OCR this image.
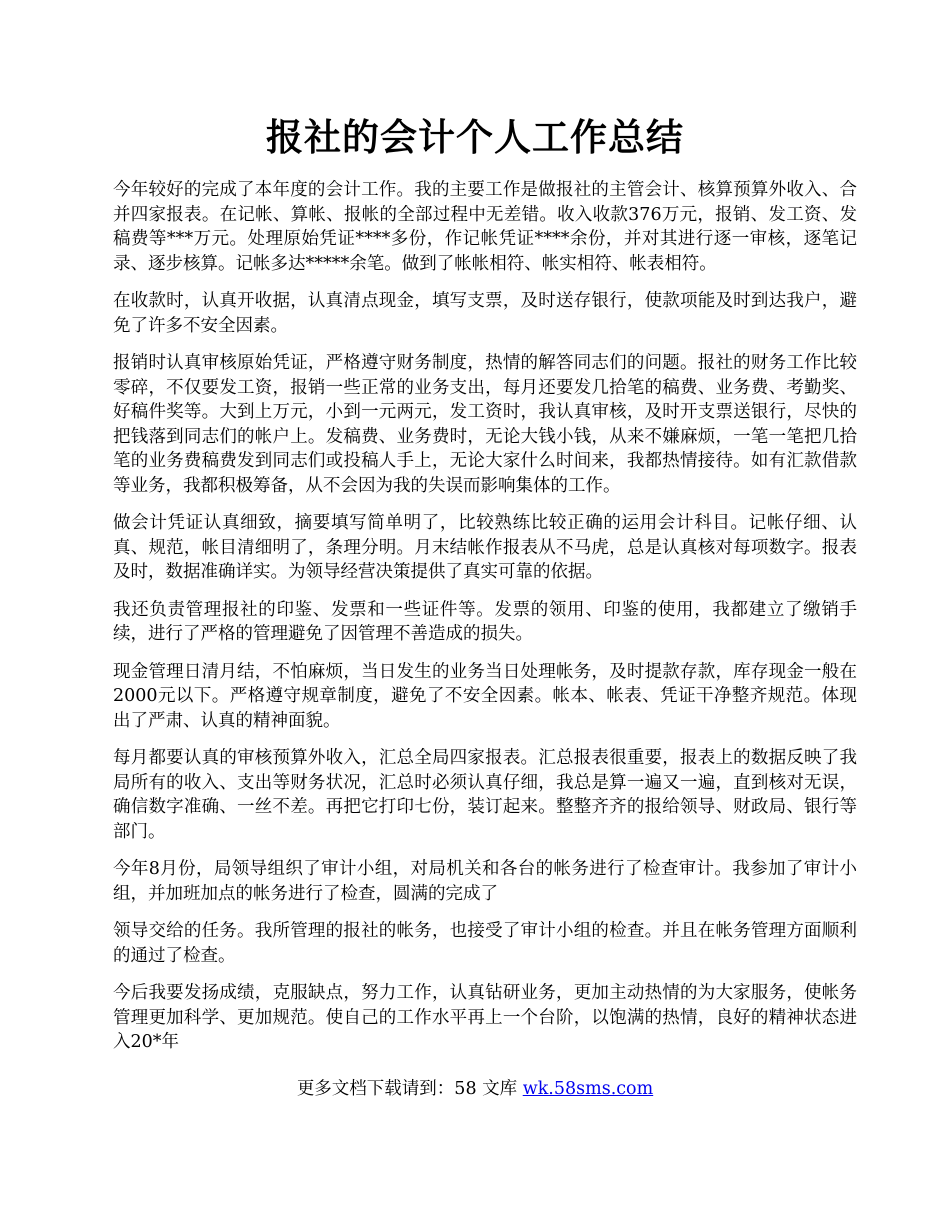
报社的会计个人工作总结

今年较好的完成了本年度的会计工作。我的主要工作是做报社的主管会计、核算预算外收入、合并四家报表。在记帐、算帐、报帐的全部过程中无差错。收入收款376万元，报销、发工资、发稿费等***万元。处理原始凭证****多份，作记帐凭证****余份，并对其进行逐一审核，逐笔记录、逐步核算。记帐多达*****余笔。做到了帐帐相符、帐实相符、帐表相符。

在收款时，认真开收据，认真清点现金，填写支票，及时送存银行，使款项能及时到达我户，避免了许多不安全因素。

报销时认真审核原始凭证，严格遵守财务制度，热情的解答同志们的问题。报社的财务工作比较零碎，不仅要发工资，报销一些正常的业务支出，每月还要发几拾笔的稿费、业务费、考勤奖、好稿件奖等。大到上万元，小到一元两元，发工资时，我认真审核，及时开支票送银行，尽快的把钱落到同志们的帐户上。发稿费、业务费时，无论大钱小钱，从来不嫌麻烦，一笔一笔把几拾笔的业务费稿费发到同志们或投稿人手上，无论大家什么时间来，我都热情接待。如有汇款借款等业务，我都积极筹备，从不会因为我的失误而影响集体的工作。

做会计凭证认真细致，摘要填写简单明了，比较熟练比较正确的运用会计科目。记帐仔细、认真、规范，帐目清细明了，条理分明。月末结帐作报表从不马虎，总是认真核对每项数字。报表及时，数据准确详实。为领导经营决策提供了真实可靠的依据。

我还负责管理报社的印鉴、发票和一些证件等。发票的领用、印鉴的使用，我都建立了缴销手续，进行了严格的管理避免了因管理不善造成的损失。

现金管理日清月结，不怕麻烦，当日发生的业务当日处理帐务，及时提款存款，库存现金一般在2000元以下。严格遵守规章制度，避免了不安全因素。帐本、帐表、凭证干净整齐规范。体现出了严肃、认真的精神面貌。

每月都要认真的审核预算外收入，汇总全局四家报表。汇总报表很重要，报表上的数据反映了我局所有的收入、支出等财务状况，汇总时必须认真仔细，我总是算一遍又一遍，直到核对无误，确信数字准确、一丝不差。再把它打印七份，装订起来。整整齐齐的报给领导、财政局、银行等部门。

今年8月份，局领导组织了审计小组，对局机关和各台的帐务进行了检查审计。我参加了审计小组，并加班加点的帐务进行了检查，圆满的完成了

领导交给的任务。我所管理的报社的帐务，也接受了审计小组的检查。并且在帐务管理方面顺利的通过了检查。

今后我要发扬成绩，克服缺点，努力工作，认真钻研业务，更加主动热情的为大家服务，使帐务管理更加科学、更加规范。使自己的工作水平再上一个台阶，以饱满的热情，良好的精神状态进入20*年

更多文档下载请到：58 文库 wk.58sms.com
